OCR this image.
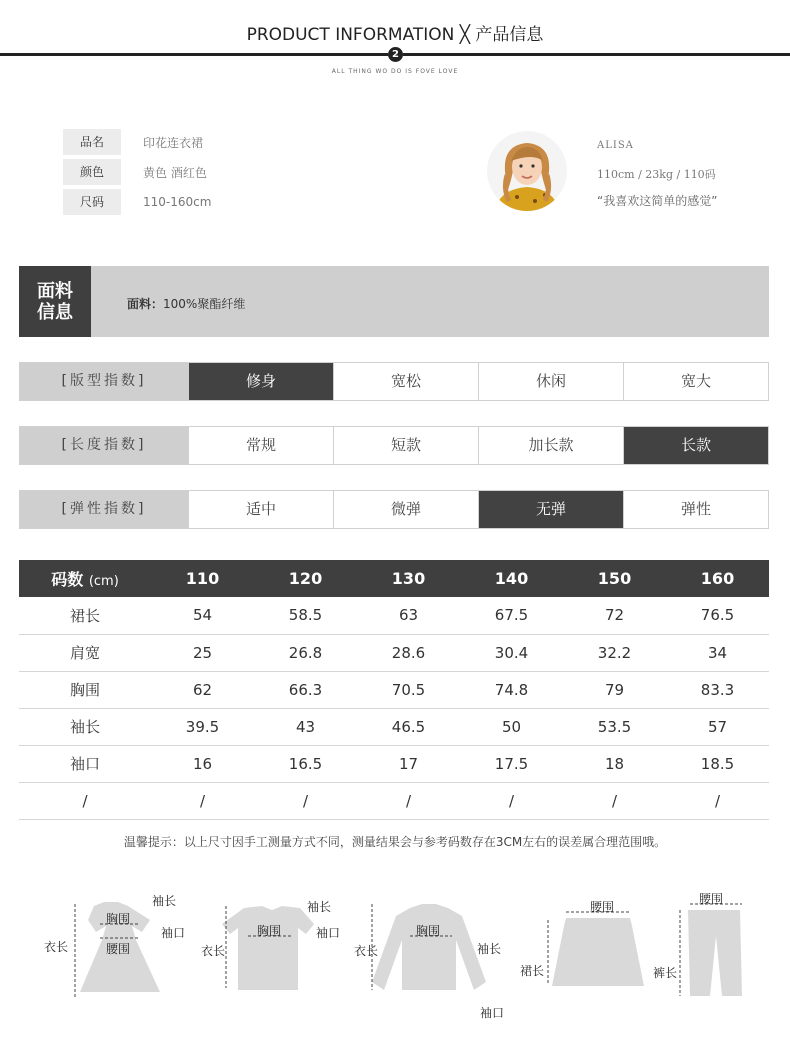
PRODUCT INFORMATION ╳ 产品信息
2
ALL THING WO DO IS FOVE LOVE
品名	印花连衣裙
颜色	黄色 酒红色
尺码	110-160cm
ALISA
110cm / 23kg / 110码
“我喜欢这简单的感觉”
面料
信息	面料：100%聚酯纤维
[版型指数]	修身	宽松	休闲	宽大
[长度指数]	常规	短款	加长款	长款
[弹性指数]	适中	微弹	无弹	弹性
码数 (cm)	110	120	130	140	150	160
裙长	54	58.5	63	67.5	72	76.5
肩宽	25	26.8	28.6	30.4	32.2	34
胸围	62	66.3	70.5	74.8	79	83.3
袖长	39.5	43	46.5	50	53.5	57
袖口	16	16.5	17	17.5	18	18.5
/	/	/	/	/	/	/
温馨提示：以上尺寸因手工测量方式不同，测量结果会与参考码数存在3CM左右的误差属合理范围哦。
袖长
胸围
袖口
腰围
衣长
袖长
胸围	袖口
衣长
胸围
衣长	袖长
袖口
腰围
裙长
腰围
裤长
